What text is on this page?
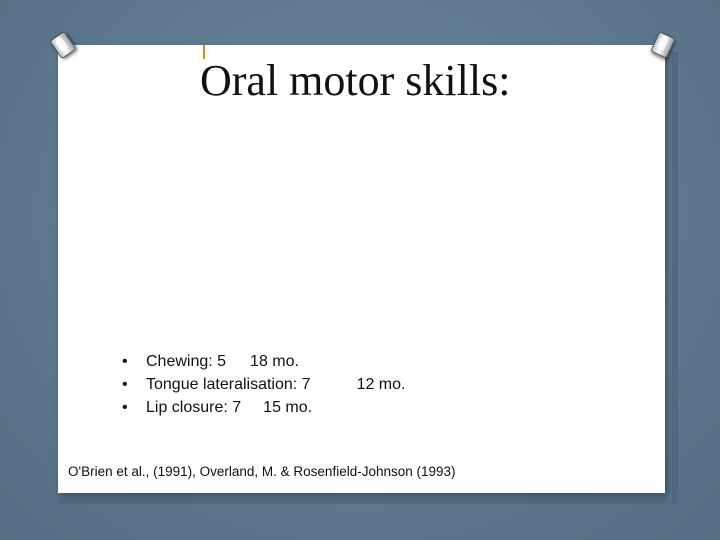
Oral motor skills:
• Chewing: 5 18 mo.
• Tongue lateralisation: 7	12 mo.
• Lip closure: 7 15 mo.
O'Brien et al., (1991), Overland, M. & Rosenfield-Johnson (1993)
